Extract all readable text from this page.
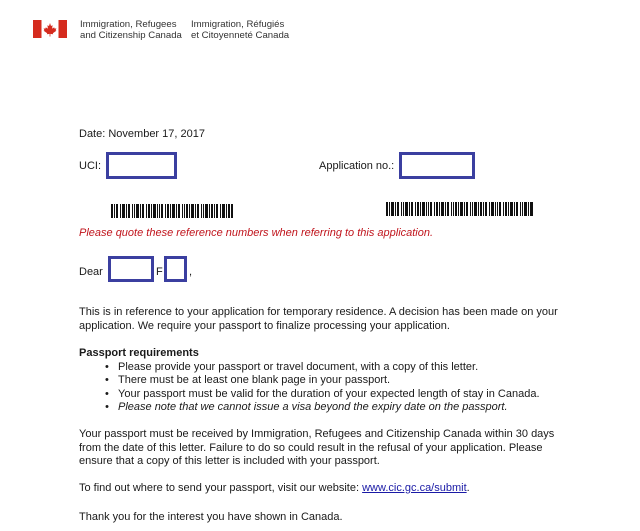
Immigration, Refugees
and Citizenship Canada
Immigration, Réfugiés
et Citoyenneté Canada
Date: November 17, 2017
UCI:	Application no.:
Please quote these reference numbers when referring to this application.
Dear	F ,
This is in reference to your application for temporary residence. A decision has been made on your
application. We require your passport to finalize processing your application.
Passport requirements
• Please provide your passport or travel document, with a copy of this letter.
• There must be at least one blank page in your passport.
• Your passport must be valid for the duration of your expected length of stay in Canada.
• Please note that we cannot issue a visa beyond the expiry date on the passport.
Your passport must be received by Immigration, Refugees and Citizenship Canada within 30 days
from the date of this letter. Failure to do so could result in the refusal of your application. Please
ensure that a copy of this letter is included with your passport.
To find out where to send your passport, visit our website: www.cic.gc.ca/submit.
Thank you for the interest you have shown in Canada.
